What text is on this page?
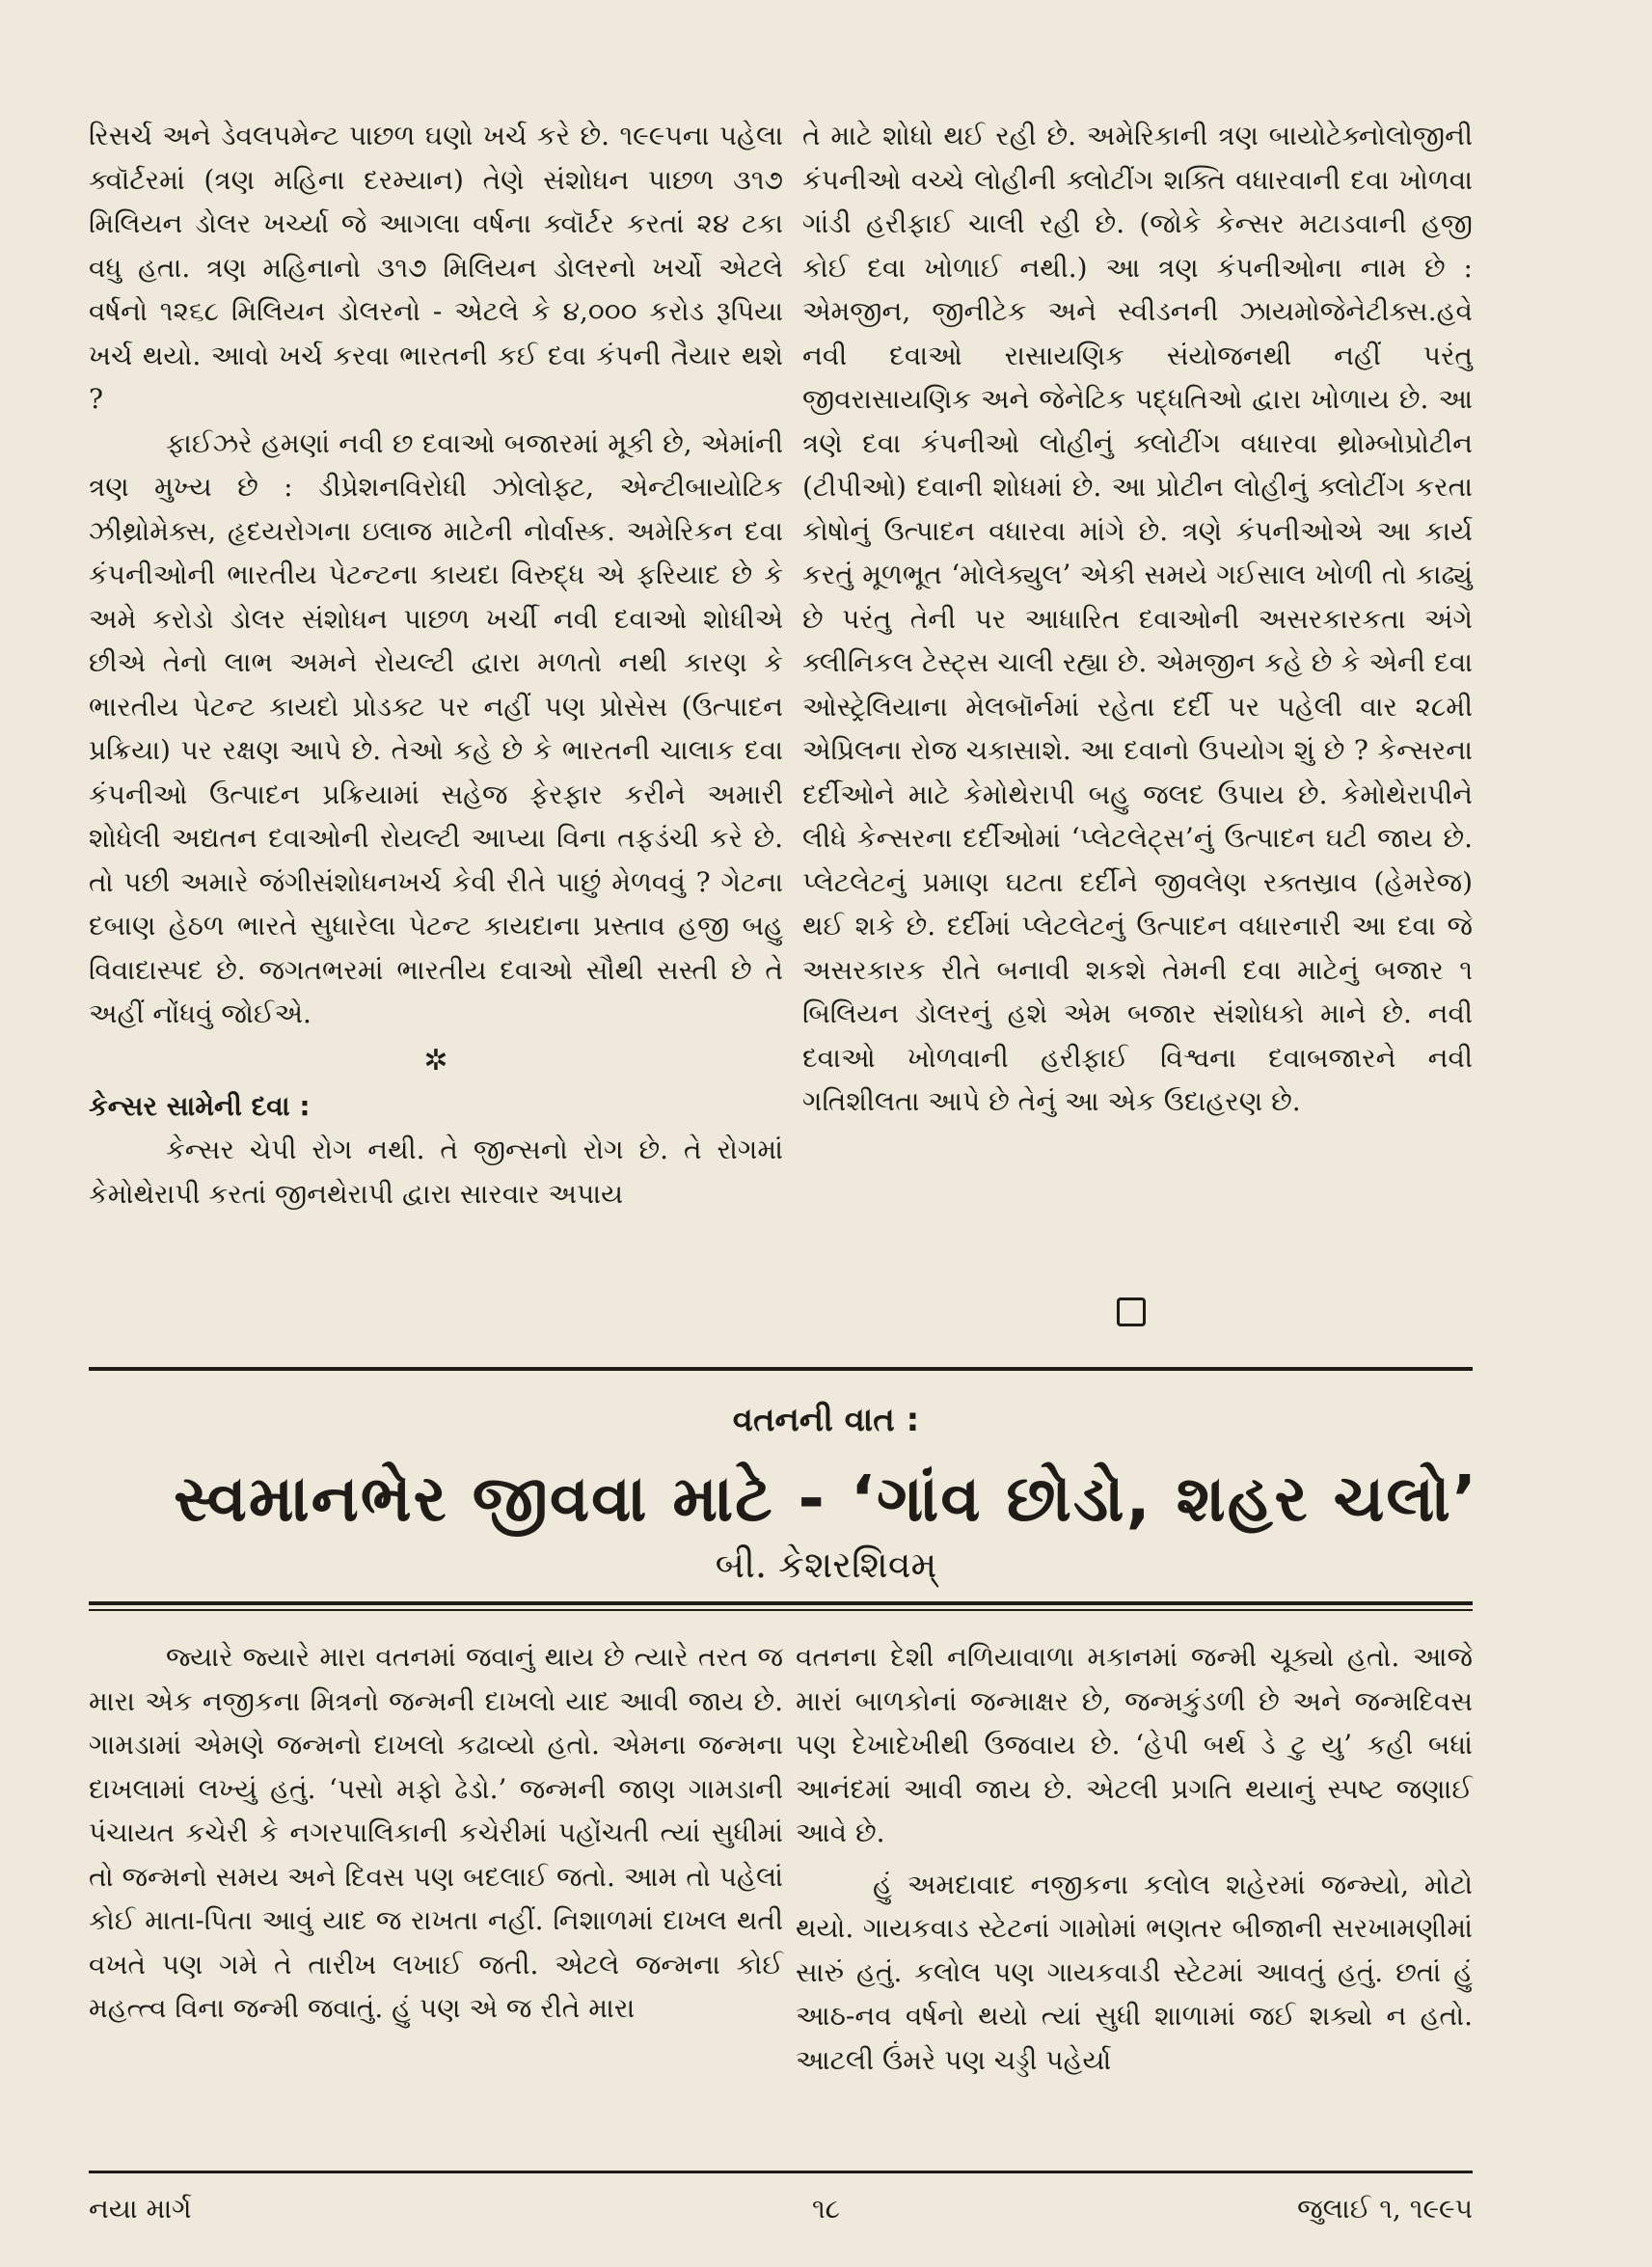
રિસર્ચ અને ડેવલપમેન્ટ પાછળ ઘણો ખર્ચ કરે છે. ૧૯૯૫ના પહેલા ક્વૉર્ટરમાં (ત્રણ મહિના દરમ્યાન) તેણે સંશોધન પાછળ ૩૧૭ મિલિયન ડોલર ખર્ચ્યા જે આગલા વર્ષના ક્વૉર્ટર કરતાં ૨૪ ટકા વધુ હતા. ત્રણ મહિનાનો ૩૧૭ મિલિયન ડોલરનો ખર્ચો એટલે વર્ષનો ૧૨૬૮ મિલિયન ડોલરનો - એટલે કે ૪,૦૦૦ કરોડ રૂપિયા ખર્ચ થયો. આવો ખર્ચ કરવા ભારતની કઈ દવા કંપની તૈયાર થશે ?

ફાઈઝરે હમણાં નવી છ દવાઓ બજારમાં મૂકી છે, એમાંની ત્રણ મુખ્ય છે : ડીપ્રેશનવિરોધી ઝોલોફ્ટ, એન્ટીબાયોટિક ઝીથ્રોમેક્સ, હૃદયરોગના ઇલાજ માટેની નોર્વાસ્ક. અમેરિકન દવા કંપનીઓની ભારતીય પેટન્ટના કાયદા વિરુદ્ધ એ ફરિયાદ છે કે અમે કરોડો ડોલર સંશોધન પાછળ ખર્ચી નવી દવાઓ શોધીએ છીએ તેનો લાભ અમને રોયલ્ટી દ્વારા મળતો નથી કારણ કે ભારતીય પેટન્ટ કાયદો પ્રોડક્ટ પર નહીં પણ પ્રોસેસ (ઉત્પાદન પ્રક્રિયા) પર રક્ષણ આપે છે. તેઓ કહે છે કે ભારતની ચાલાક દવા કંપનીઓ ઉત્પાદન પ્રક્રિયામાં સહેજ ફેરફાર કરીને અમારી શોધેલી અદ્યતન દવાઓની રોયલ્ટી આપ્યા વિના તફડંચી કરે છે. તો પછી અમારે જંગીસંશોધનખર્ચ કેવી રીતે પાછું મેળવવું ? ગેટના દબાણ હેઠળ ભારતે સુધારેલા પેટન્ટ કાયદાના પ્રસ્તાવ હજી બહુ વિવાદાસ્પદ છે. જગતભરમાં ભારતીય દવાઓ સૌથી સસ્તી છે તે અહીં નોંધવું જોઈએ.

✲

કેન્સર સામેની દવા :

કેન્સર ચેપી રોગ નથી. તે જીન્સનો રોગ છે. તે રોગમાં કેમોથેરાપી કરતાં જીનથેરાપી દ્વારા સારવાર અપાય

તે માટે શોધો થઈ રહી છે. અમેરિકાની ત્રણ બાયોટેક્નોલોજીની કંપનીઓ વચ્ચે લોહીની ક્લોટીંગ શક્તિ વધારવાની દવા ખોળવા ગાંડી હરીફાઈ ચાલી રહી છે. (જોકે કેન્સર મટાડવાની હજી કોઈ દવા ખોળાઈ નથી.) આ ત્રણ કંપનીઓના નામ છે : એમજીન, જીનીટેક અને સ્વીડનની ઝાયમોજેનેટીક્સ.હવે નવી દવાઓ રાસાયણિક સંયોજનથી નહીં પરંતુ જીવરાસાયણિક અને જેનેટિક પદ્ધતિઓ દ્વારા ખોળાય છે. આ ત્રણે દવા કંપનીઓ લોહીનું ક્લોટીંગ વધારવા થ્રોમ્બોપ્રોટીન (ટીપીઓ) દવાની શોધમાં છે. આ પ્રોટીન લોહીનું ક્લોટીંગ કરતા કોષોનું ઉત્પાદન વધારવા માંગે છે. ત્રણે કંપનીઓએ આ કાર્ય કરતું મૂળભૂત ‘મોલેક્યુલ’ એકી સમયે ગઈસાલ ખોળી તો કાઢ્યું છે પરંતુ તેની પર આધારિત દવાઓની અસરકારકતા અંગે ક્લીનિકલ ટેસ્ટ્સ ચાલી રહ્યા છે. એમજીન કહે છે કે એની દવા ઓસ્ટ્રેલિયાના મેલબૉર્નમાં રહેતા દર્દી પર પહેલી વાર ૨૮મી એપ્રિલના રોજ ચકાસાશે. આ દવાનો ઉપયોગ શું છે ? કેન્સરના દર્દીઓને માટે કેમોથેરાપી બહુ જલદ ઉપાય છે. કેમોથેરાપીને લીધે કેન્સરના દર્દીઓમાં ‘પ્લેટલેટ્સ’નું ઉત્પાદન ઘટી જાય છે. પ્લેટલેટનું પ્રમાણ ઘટતા દર્દીને જીવલેણ રક્તસ્રાવ (હેમરેજ) થઈ શકે છે. દર્દીમાં પ્લેટલેટનું ઉત્પાદન વધારનારી આ દવા જે અસરકારક રીતે બનાવી શકશે તેમની દવા માટેનું બજાર ૧ બિલિયન ડોલરનું હશે એમ બજાર સંશોધકો માને છે. નવી દવાઓ ખોળવાની હરીફાઈ વિશ્વના દવાબજારને નવી ગતિશીલતા આપે છે તેનું આ એક ઉદાહરણ છે.

વતનની વાત :
સ્વમાનભેર જીવવા માટે - ‘ગાંવ છોડો, શહર ચલો’
બી. કેશરશિવમ્

જ્યારે જ્યારે મારા વતનમાં જવાનું થાય છે ત્યારે તરત જ મારા એક નજીકના મિત્રનો જન્મની દાખલો યાદ આવી જાય છે. ગામડામાં એમણે જન્મનો દાખલો કઢાવ્યો હતો. એમના જન્મના દાખલામાં લખ્યું હતું. ‘પસો મફો ઢેડો.’ જન્મની જાણ ગામડાની પંચાયત કચેરી કે નગરપાલિકાની કચેરીમાં પહોંચતી ત્યાં સુધીમાં તો જન્મનો સમય અને દિવસ પણ બદલાઈ જતો. આમ તો પહેલાં કોઈ માતા-પિતા આવું યાદ જ રાખતા નહીં. નિશાળમાં દાખલ થતી વખતે પણ ગમે તે તારીખ લખાઈ જતી. એટલે જન્મના કોઈ મહત્ત્વ વિના જન્મી જવાતું. હું પણ એ જ રીતે મારા

વતનના દેશી નળિયાવાળા મકાનમાં જન્મી ચૂક્યો હતો. આજે મારાં બાળકોનાં જન્માક્ષર છે, જન્મકુંડળી છે અને જન્મદિવસ પણ દેખાદેખીથી ઉજવાય છે. ‘હેપી બર્થ ડે ટુ યુ’ કહી બધાં આનંદમાં આવી જાય છે. એટલી પ્રગતિ થયાનું સ્પષ્ટ જણાઈ આવે છે.

હું અમદાવાદ નજીકના કલોલ શહેરમાં જન્મ્યો, મોટો થયો. ગાયકવાડ સ્ટેટનાં ગામોમાં ભણતર બીજાની સરખામણીમાં સારું હતું. કલોલ પણ ગાયકવાડી સ્ટેટમાં આવતું હતું. છતાં હું આઠ-નવ વર્ષનો થયો ત્યાં સુધી શાળામાં જઈ શક્યો ન હતો. આટલી ઉંમરે પણ ચડ્ડી પહેર્યા

નયા માર્ગ	૧૮	જુલાઈ ૧, ૧૯૯૫
